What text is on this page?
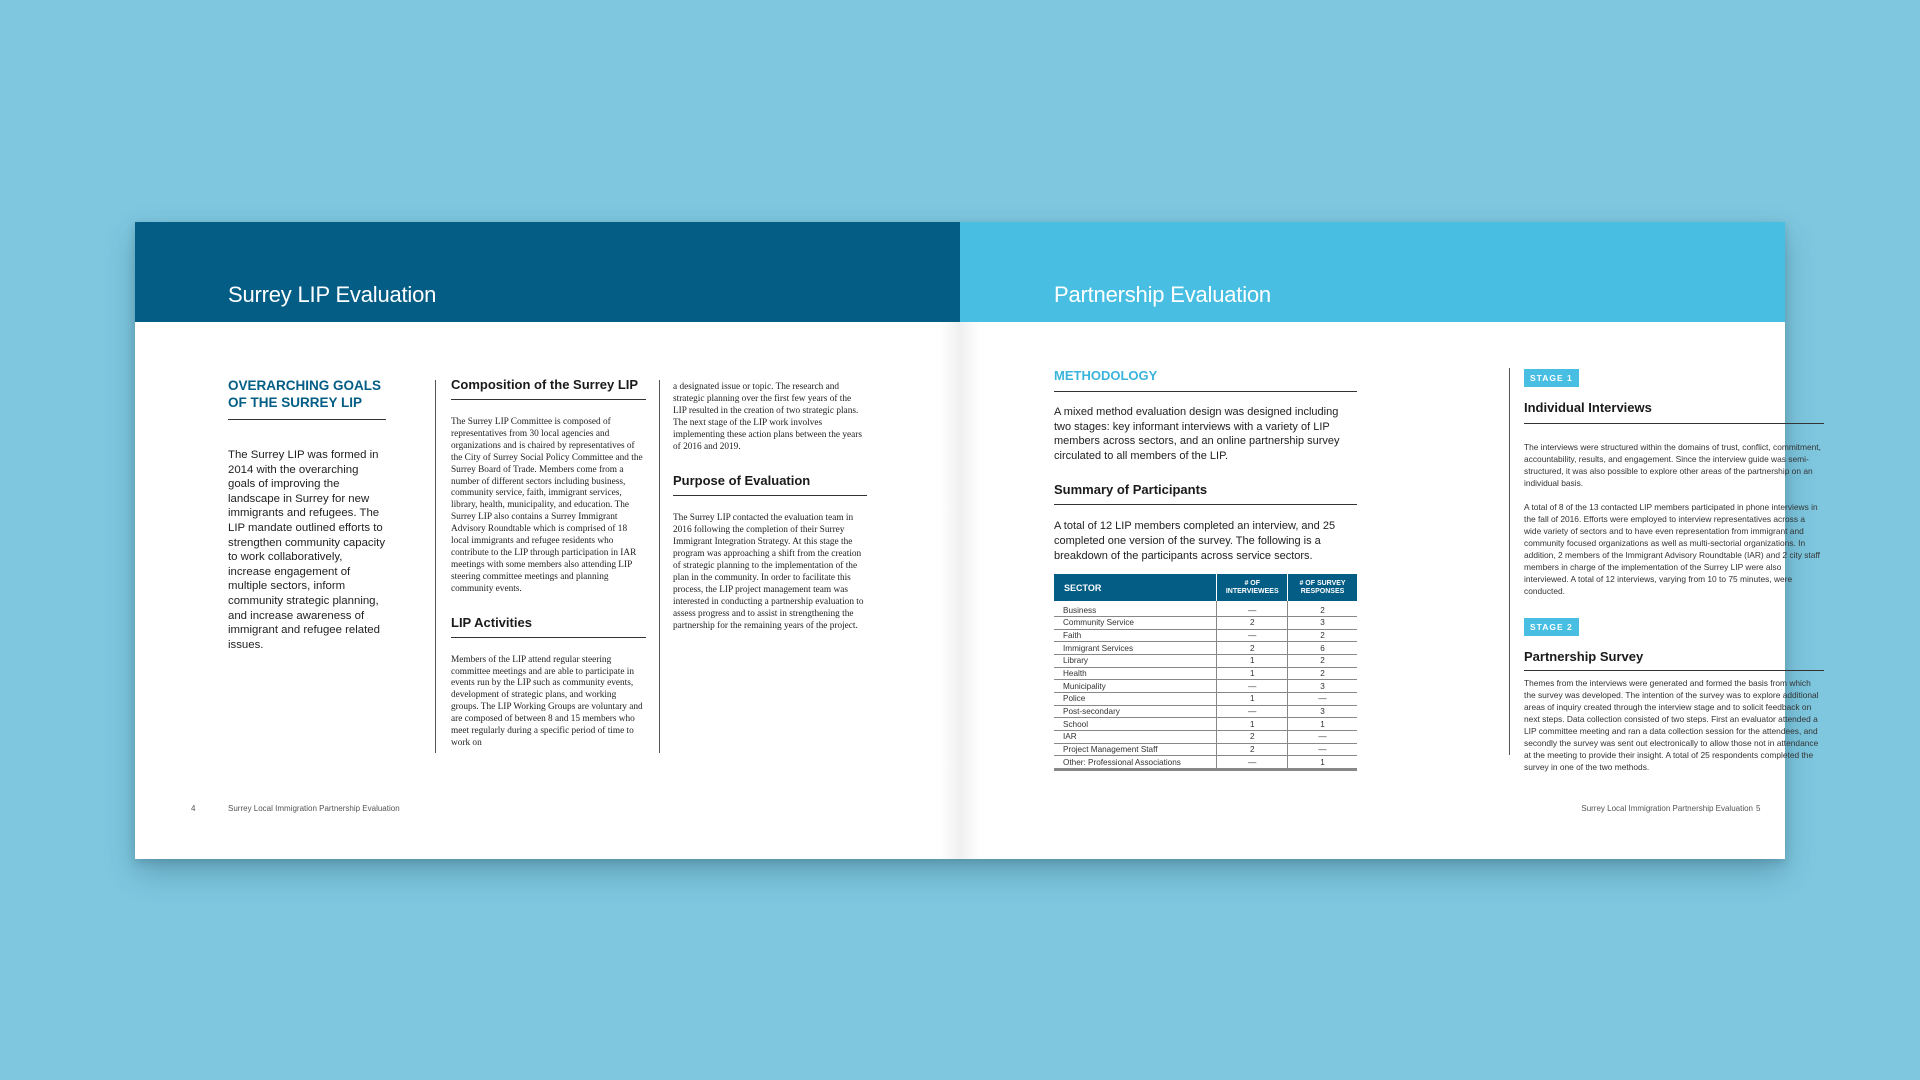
Surrey LIP Evaluation
OVERARCHING GOALS OF THE SURREY LIP

The Surrey LIP was formed in 2014 with the overarching goals of improving the landscape in Surrey for new immigrants and refugees. The LIP mandate outlined efforts to strengthen community capacity to work collaboratively, increase engagement of multiple sectors, inform community strategic planning, and increase awareness of immigrant and refugee related issues.

Composition of the Surrey LIP

The Surrey LIP Committee is composed of representatives from 30 local agencies and organizations and is chaired by representatives of the City of Surrey Social Policy Committee and the Surrey Board of Trade. Members come from a number of different sectors including business, community service, faith, immigrant services, library, health, municipality, and education. The Surrey LIP also contains a Surrey Immigrant Advisory Roundtable which is comprised of 18 local immigrants and refugee residents who contribute to the LIP through participation in IAR meetings with some members also attending LIP steering committee meetings and planning community events.

LIP Activities

Members of the LIP attend regular steering committee meetings and are able to participate in events run by the LIP such as community events, development of strategic plans, and working groups. The LIP Working Groups are voluntary and are composed of between 8 and 15 members who meet regularly during a specific period of time to work on

a designated issue or topic. The research and strategic planning over the first few years of the LIP resulted in the creation of two strategic plans. The next stage of the LIP work involves implementing these action plans between the years of 2016 and 2019.

Purpose of Evaluation

The Surrey LIP contacted the evaluation team in 2016 following the completion of their Surrey Immigrant Integration Strategy. At this stage the program was approaching a shift from the creation of strategic planning to the implementation of the plan in the community. In order to facilitate this process, the LIP project management team was interested in conducting a partnership evaluation to assess progress and to assist in strengthening the partnership for the remaining years of the project.

4	Surrey Local Immigration Partnership Evaluation
Partnership Evaluation
METHODOLOGY

A mixed method evaluation design was designed including two stages: key informant interviews with a variety of LIP members across sectors, and an online partnership survey circulated to all members of the LIP.

Summary of Participants

A total of 12 LIP members completed an interview, and 25 completed one version of the survey. The following is a breakdown of the participants across service sectors.

SECTOR	# OF INTERVIEWEES	# OF SURVEY RESPONSES
Business	—	2
Community Service	2	3
Faith	—	2
Immigrant Services	2	6
Library	1	2
Health	1	2
Municipality	—	3
Police	1	—
Post-secondary	—	3
School	1	1
IAR	2	—
Project Management Staff	2	—
Other: Professional Associations	—	1
STAGE 1
Individual Interviews

The interviews were structured within the domains of trust, conflict, commitment, accountability, results, and engagement. Since the interview guide was semi-structured, it was also possible to explore other areas of the partnership on an individual basis.

A total of 8 of the 13 contacted LIP members participated in phone interviews in the fall of 2016. Efforts were employed to interview representatives across a wide variety of sectors and to have even representation from immigrant and community focused organizations as well as multi-sectorial organizations. In addition, 2 members of the Immigrant Advisory Roundtable (IAR) and 2 city staff members in charge of the implementation of the Surrey LIP were also interviewed. A total of 12 interviews, varying from 10 to 75 minutes, were conducted.

STAGE 2
Partnership Survey

Themes from the interviews were generated and formed the basis from which the survey was developed. The intention of the survey was to explore additional areas of inquiry created through the interview stage and to solicit feedback on next steps. Data collection consisted of two steps. First an evaluator attended a LIP committee meeting and ran a data collection session for the attendees, and secondly the survey was sent out electronically to allow those not in attendance at the meeting to provide their insight. A total of 25 respondents completed the survey in one of the two methods.

Surrey Local Immigration Partnership Evaluation 5
